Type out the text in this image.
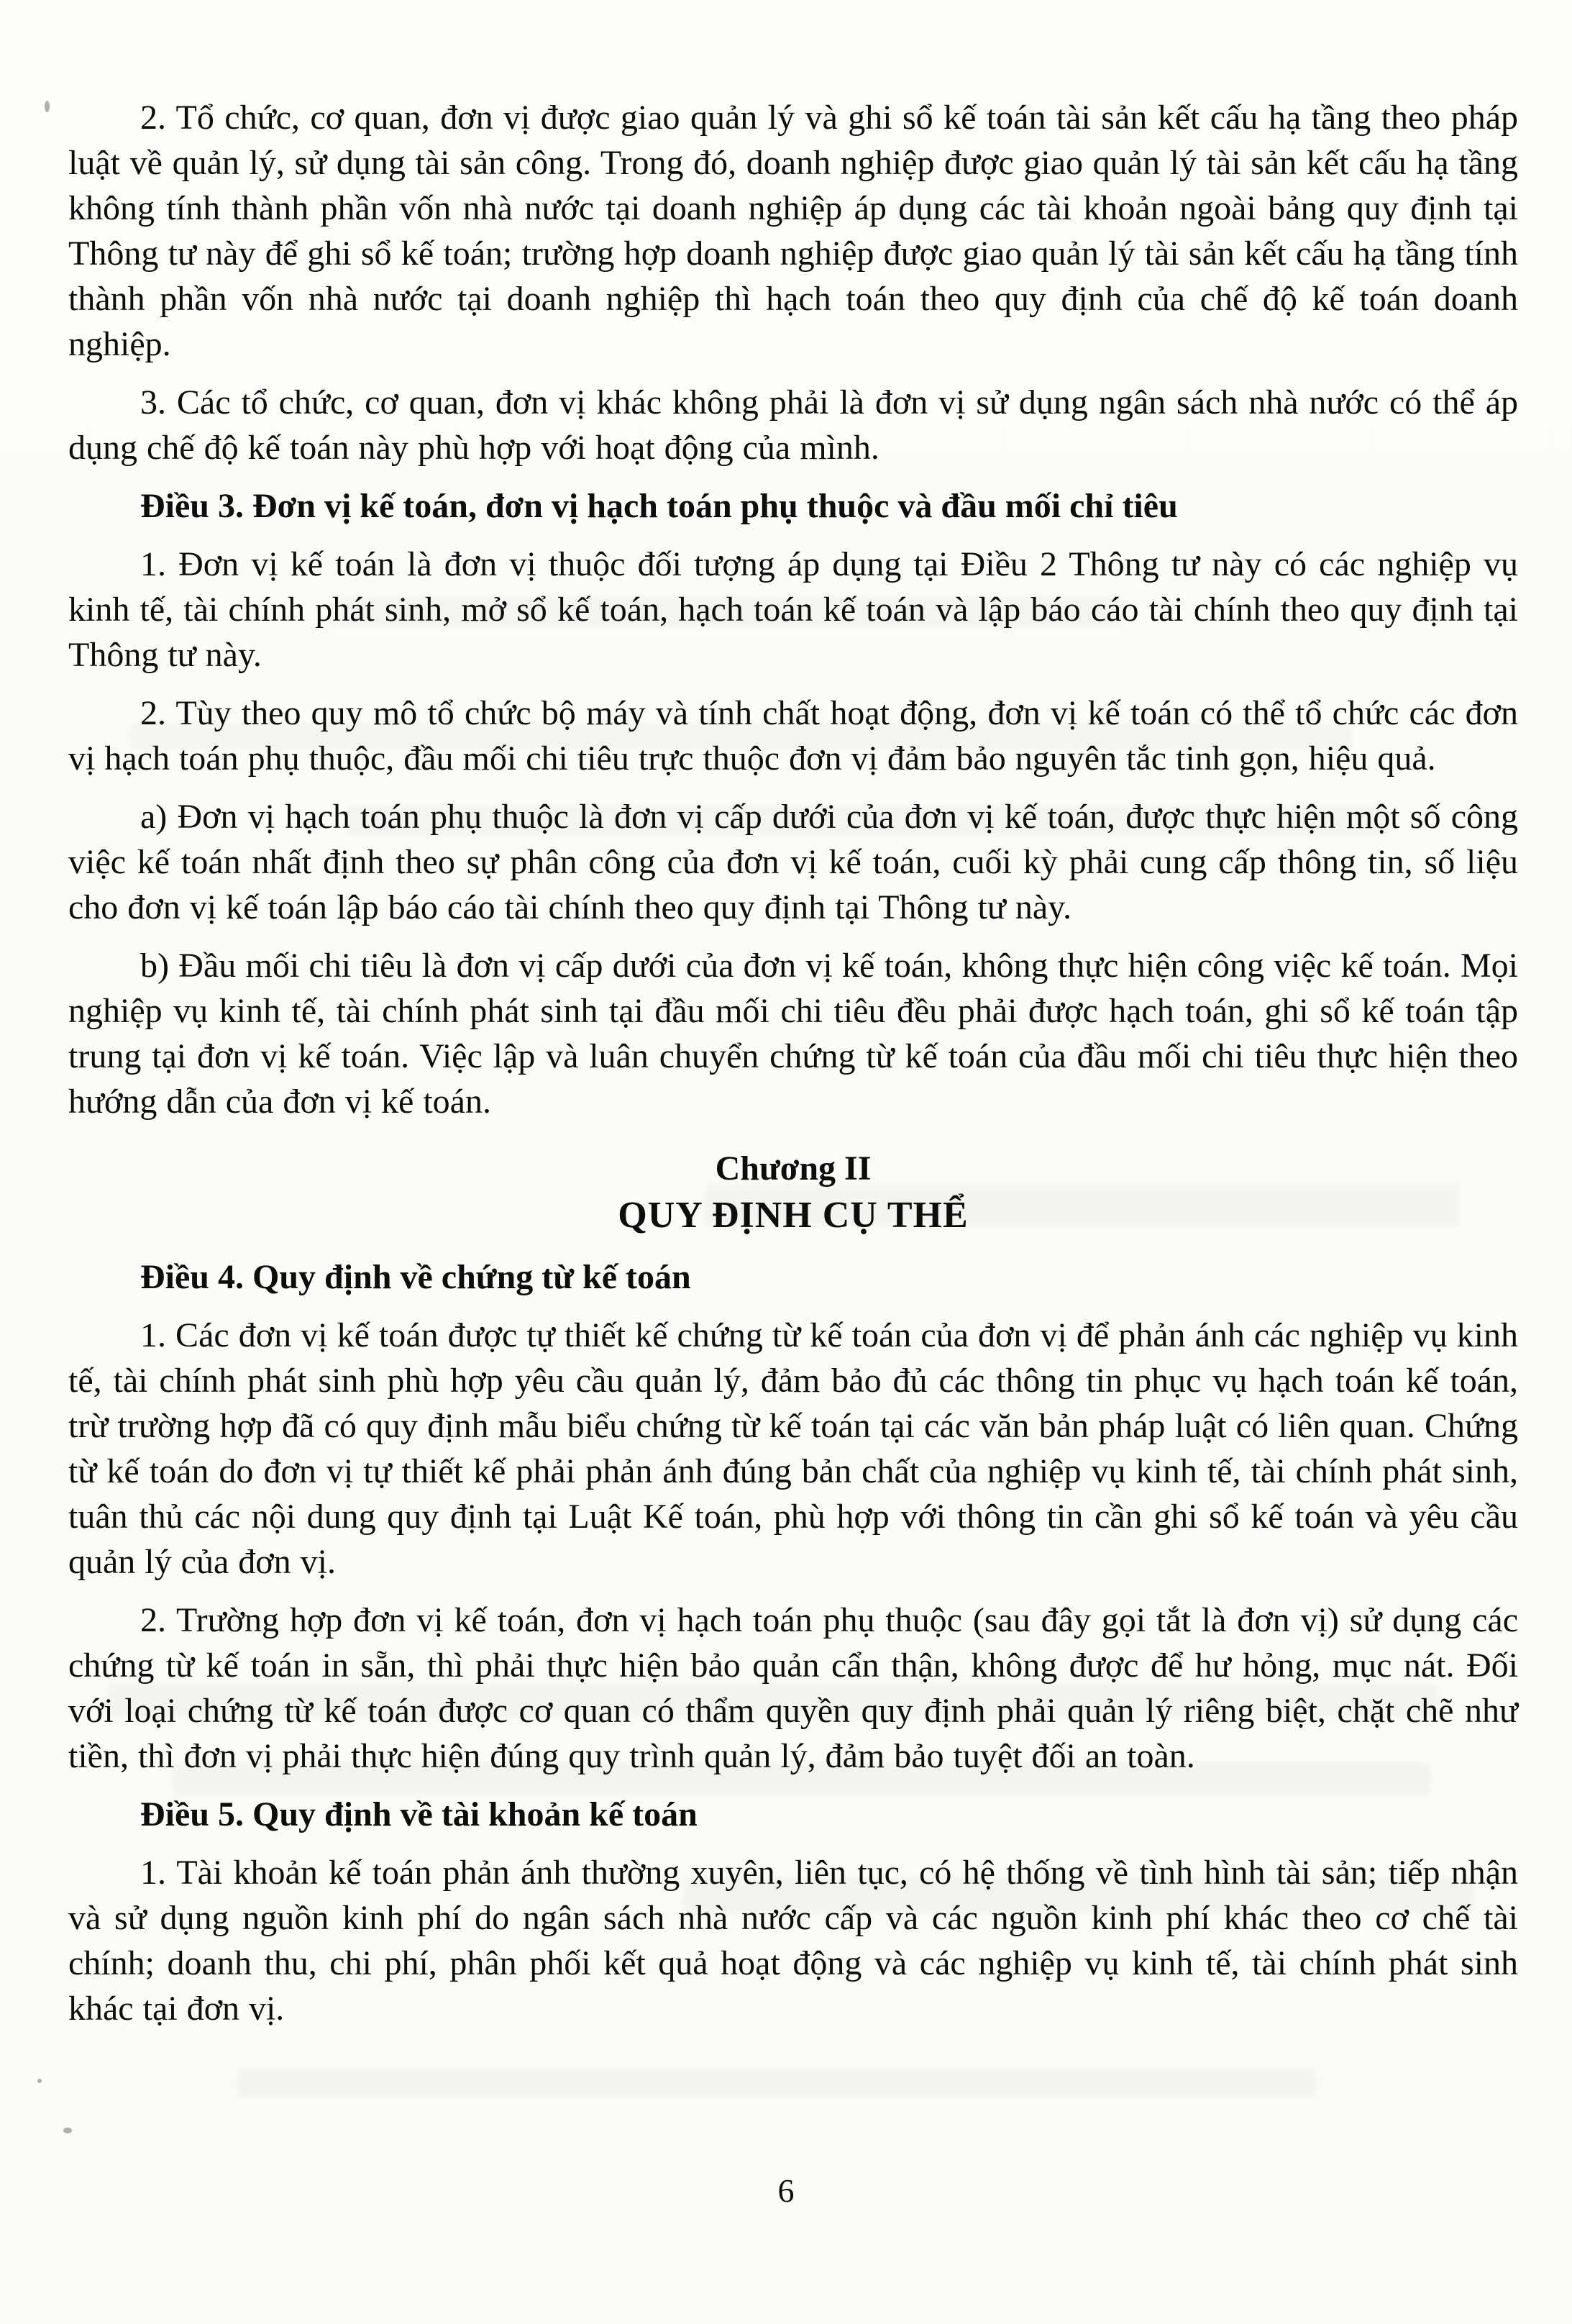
2. Tổ chức, cơ quan, đơn vị được giao quản lý và ghi sổ kế toán tài sản kết cấu hạ tầng theo pháp luật về quản lý, sử dụng tài sản công. Trong đó, doanh nghiệp được giao quản lý tài sản kết cấu hạ tầng không tính thành phần vốn nhà nước tại doanh nghiệp áp dụng các tài khoản ngoài bảng quy định tại Thông tư này để ghi sổ kế toán; trường hợp doanh nghiệp được giao quản lý tài sản kết cấu hạ tầng tính thành phần vốn nhà nước tại doanh nghiệp thì hạch toán theo quy định của chế độ kế toán doanh nghiệp.

3. Các tổ chức, cơ quan, đơn vị khác không phải là đơn vị sử dụng ngân sách nhà nước có thể áp dụng chế độ kế toán này phù hợp với hoạt động của mình.

Điều 3. Đơn vị kế toán, đơn vị hạch toán phụ thuộc và đầu mối chỉ tiêu

1. Đơn vị kế toán là đơn vị thuộc đối tượng áp dụng tại Điều 2 Thông tư này có các nghiệp vụ kinh tế, tài chính phát sinh, mở sổ kế toán, hạch toán kế toán và lập báo cáo tài chính theo quy định tại Thông tư này.

2. Tùy theo quy mô tổ chức bộ máy và tính chất hoạt động, đơn vị kế toán có thể tổ chức các đơn vị hạch toán phụ thuộc, đầu mối chi tiêu trực thuộc đơn vị đảm bảo nguyên tắc tinh gọn, hiệu quả.

a) Đơn vị hạch toán phụ thuộc là đơn vị cấp dưới của đơn vị kế toán, được thực hiện một số công việc kế toán nhất định theo sự phân công của đơn vị kế toán, cuối kỳ phải cung cấp thông tin, số liệu cho đơn vị kế toán lập báo cáo tài chính theo quy định tại Thông tư này.

b) Đầu mối chi tiêu là đơn vị cấp dưới của đơn vị kế toán, không thực hiện công việc kế toán. Mọi nghiệp vụ kinh tế, tài chính phát sinh tại đầu mối chi tiêu đều phải được hạch toán, ghi sổ kế toán tập trung tại đơn vị kế toán. Việc lập và luân chuyển chứng từ kế toán của đầu mối chi tiêu thực hiện theo hướng dẫn của đơn vị kế toán.

Chương II

QUY ĐỊNH CỤ THỂ

Điều 4. Quy định về chứng từ kế toán

1. Các đơn vị kế toán được tự thiết kế chứng từ kế toán của đơn vị để phản ánh các nghiệp vụ kinh tế, tài chính phát sinh phù hợp yêu cầu quản lý, đảm bảo đủ các thông tin phục vụ hạch toán kế toán, trừ trường hợp đã có quy định mẫu biểu chứng từ kế toán tại các văn bản pháp luật có liên quan. Chứng từ kế toán do đơn vị tự thiết kế phải phản ánh đúng bản chất của nghiệp vụ kinh tế, tài chính phát sinh, tuân thủ các nội dung quy định tại Luật Kế toán, phù hợp với thông tin cần ghi sổ kế toán và yêu cầu quản lý của đơn vị.

2. Trường hợp đơn vị kế toán, đơn vị hạch toán phụ thuộc (sau đây gọi tắt là đơn vị) sử dụng các chứng từ kế toán in sẵn, thì phải thực hiện bảo quản cẩn thận, không được để hư hỏng, mục nát. Đối với loại chứng từ kế toán được cơ quan có thẩm quyền quy định phải quản lý riêng biệt, chặt chẽ như tiền, thì đơn vị phải thực hiện đúng quy trình quản lý, đảm bảo tuyệt đối an toàn.

Điều 5. Quy định về tài khoản kế toán

1. Tài khoản kế toán phản ánh thường xuyên, liên tục, có hệ thống về tình hình tài sản; tiếp nhận và sử dụng nguồn kinh phí do ngân sách nhà nước cấp và các nguồn kinh phí khác theo cơ chế tài chính; doanh thu, chi phí, phân phối kết quả hoạt động và các nghiệp vụ kinh tế, tài chính phát sinh khác tại đơn vị.

6
